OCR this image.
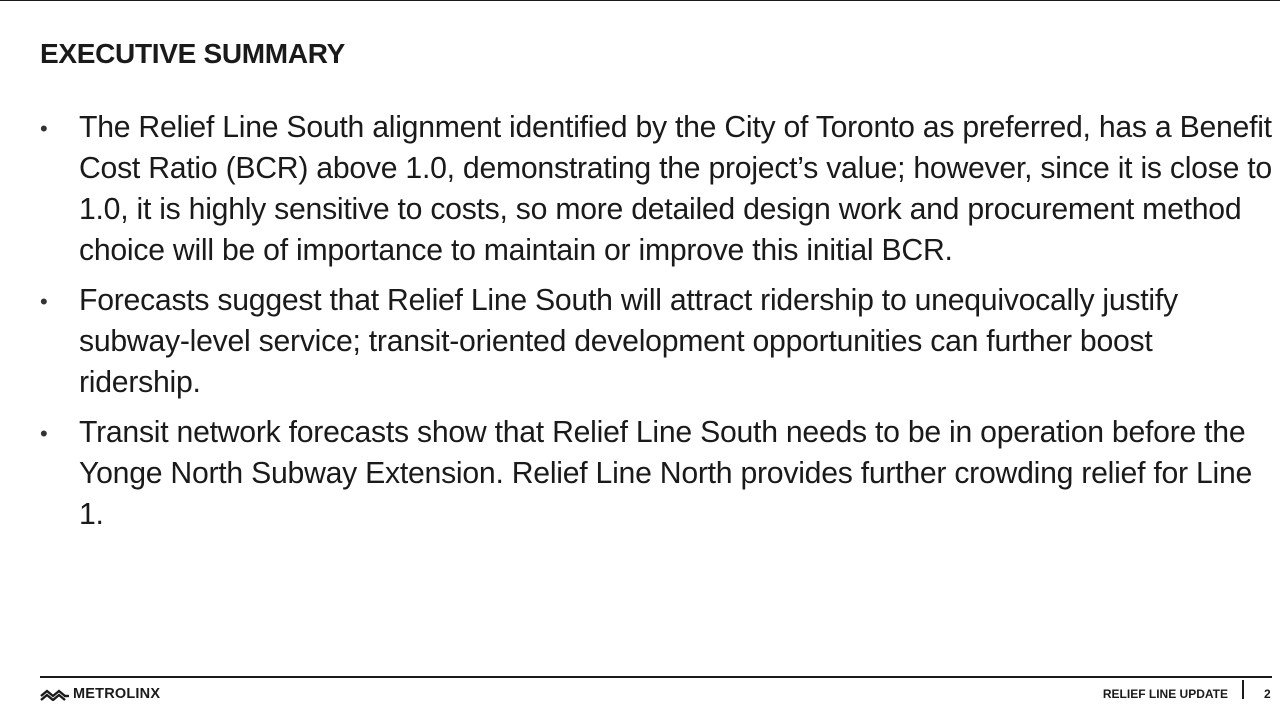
EXECUTIVE SUMMARY
• The Relief Line South alignment identified by the City of Toronto as preferred, has a Benefit Cost Ratio (BCR) above 1.0, demonstrating the project’s value; however, since it is close to 1.0, it is highly sensitive to costs, so more detailed design work and procurement method choice will be of importance to maintain or improve this initial BCR.
• Forecasts suggest that Relief Line South will attract ridership to unequivocally justify subway-level service; transit-oriented development opportunities can further boost ridership.
• Transit network forecasts show that Relief Line South needs to be in operation before the Yonge North Subway Extension. Relief Line North provides further crowding relief for Line 1.
METROLINX	RELIEF LINE UPDATE	2
